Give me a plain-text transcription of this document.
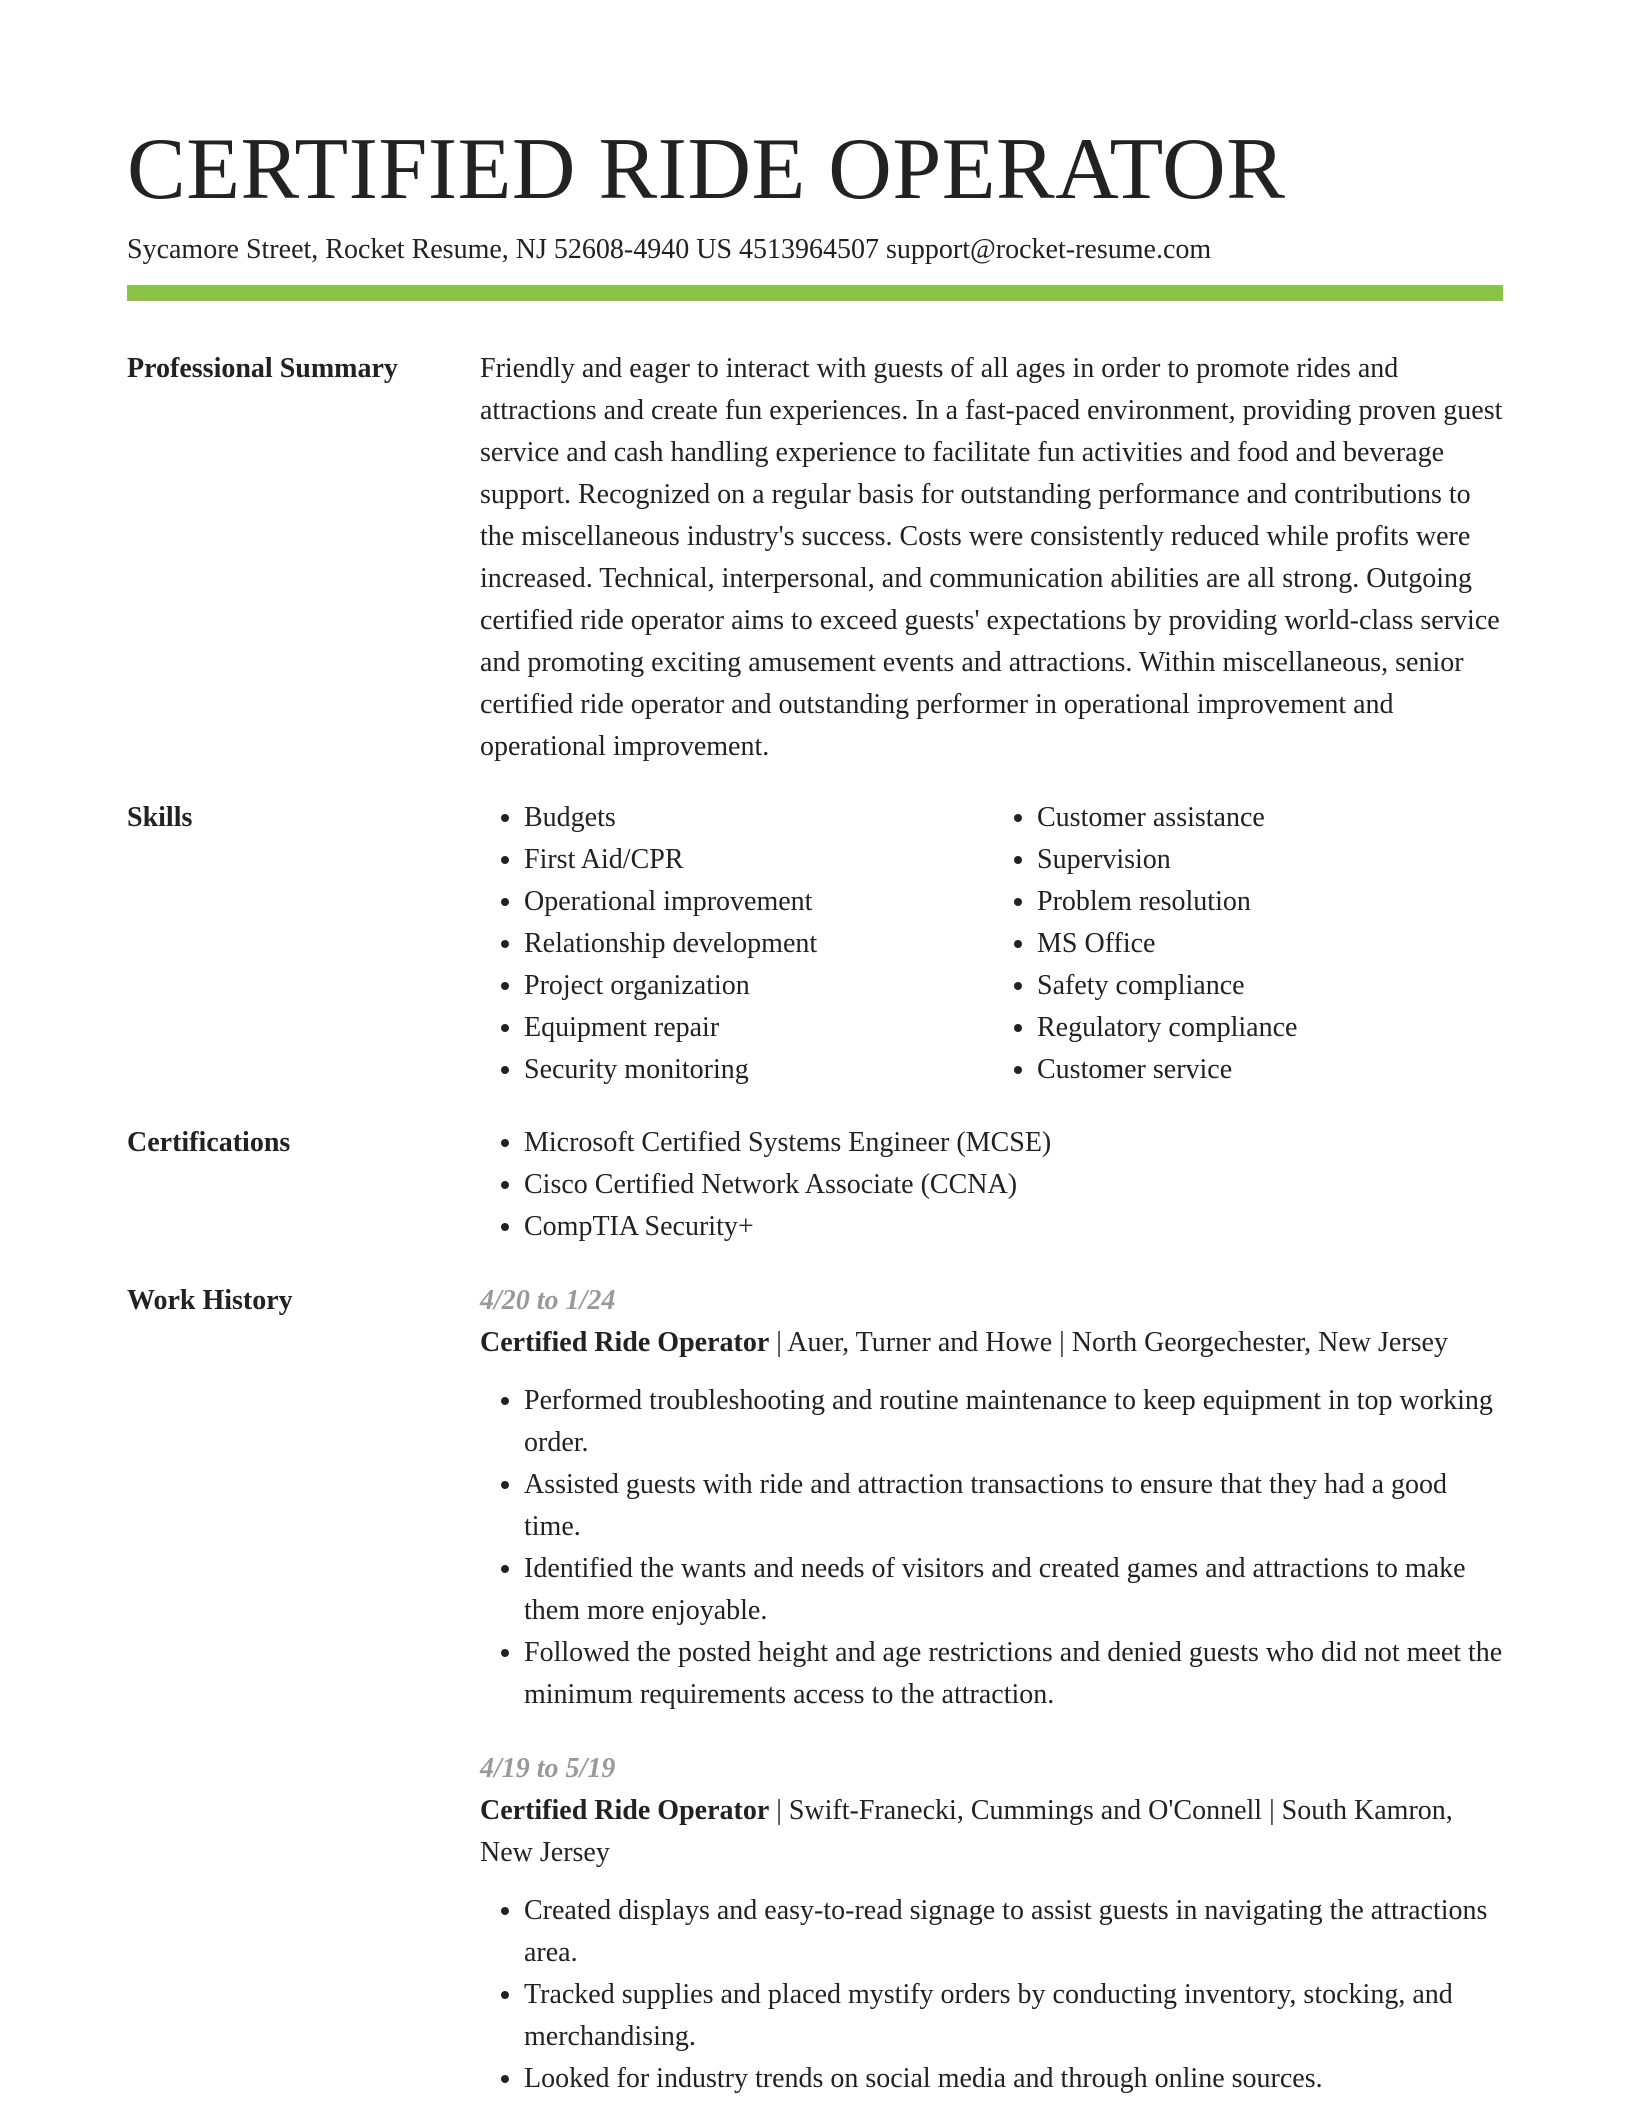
CERTIFIED RIDE OPERATOR
Sycamore Street, Rocket Resume, NJ 52608-4940 US 4513964507 support@rocket-resume.com
Professional Summary	Friendly and eager to interact with guests of all ages in order to promote rides and attractions and create fun experiences. In a fast-paced environment, providing proven guest service and cash handling experience to facilitate fun activities and food and beverage support. Recognized on a regular basis for outstanding performance and contributions to the miscellaneous industry's success. Costs were consistently reduced while profits were increased. Technical, interpersonal, and communication abilities are all strong. Outgoing certified ride operator aims to exceed guests' expectations by providing world-class service and promoting exciting amusement events and attractions. Within miscellaneous, senior certified ride operator and outstanding performer in operational improvement and operational improvement.

Skills	• Budgets
• First Aid/CPR
• Operational improvement
• Relationship development
• Project organization
• Equipment repair
• Security monitoring
• Customer assistance
• Supervision
• Problem resolution
• MS Office
• Safety compliance
• Regulatory compliance
• Customer service
Certifications	• Microsoft Certified Systems Engineer (MCSE)
• Cisco Certified Network Associate (CCNA)
• CompTIA Security+
Work History	4/20 to 1/24
Certified Ride Operator | Auer, Turner and Howe | North Georgechester, New Jersey
• Performed troubleshooting and routine maintenance to keep equipment in top working order.
• Assisted guests with ride and attraction transactions to ensure that they had a good time.
• Identified the wants and needs of visitors and created games and attractions to make them more enjoyable.
• Followed the posted height and age restrictions and denied guests who did not meet the minimum requirements access to the attraction.
4/19 to 5/19
Certified Ride Operator | Swift-Franecki, Cummings and O'Connell | South Kamron, New Jersey
• Created displays and easy-to-read signage to assist guests in navigating the attractions area.
• Tracked supplies and placed mystify orders by conducting inventory, stocking, and merchandising.
• Looked for industry trends on social media and through online sources.
